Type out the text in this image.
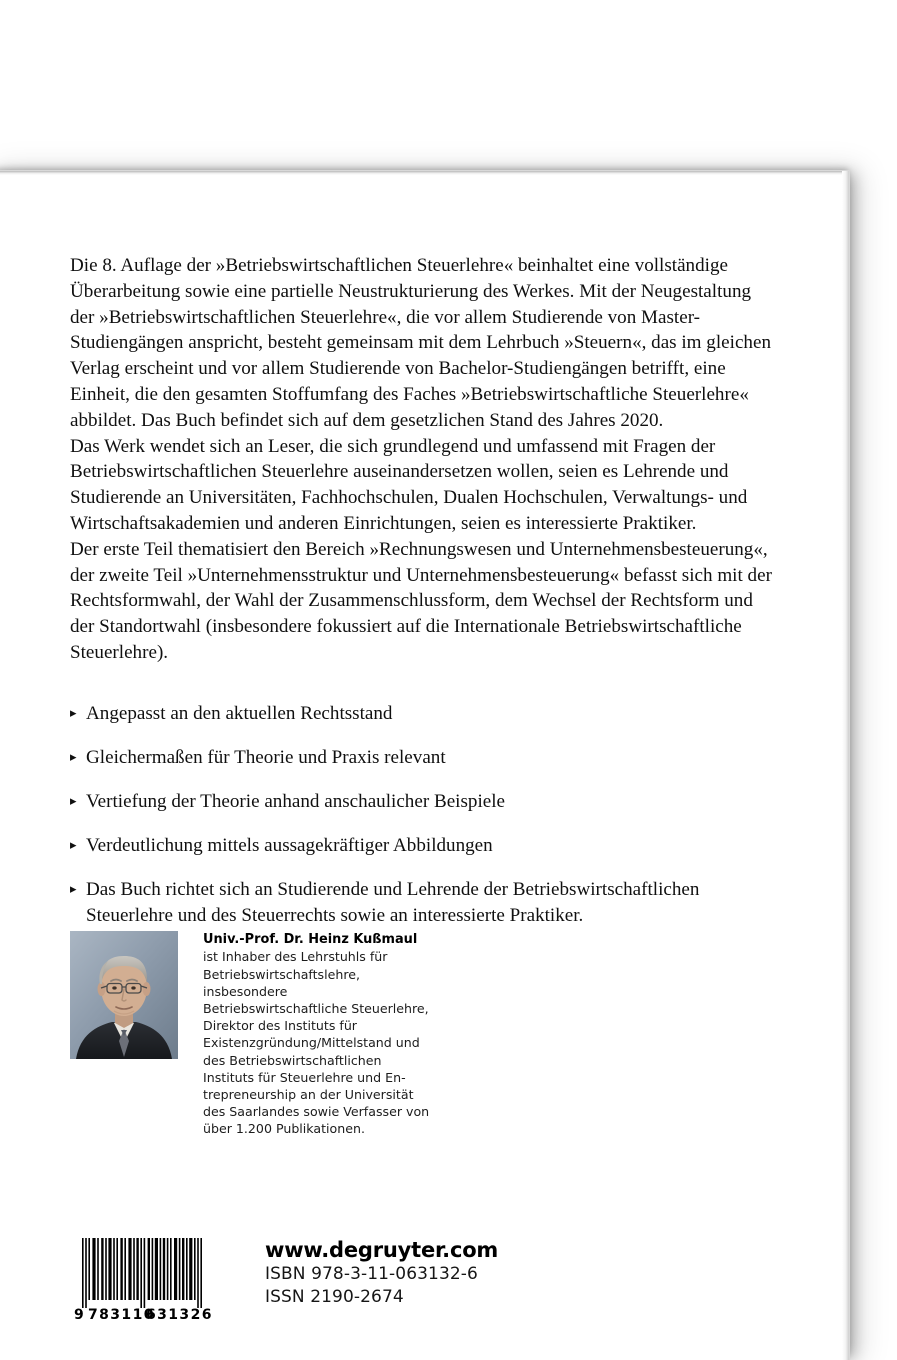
Die 8. Auflage der »Betriebswirtschaftlichen Steuerlehre« beinhaltet eine vollständige Überarbeitung sowie eine partielle Neustrukturierung des Werkes. Mit der Neugestaltung der »Betriebswirtschaftlichen Steuerlehre«, die vor allem Studierende von Master-Studiengängen anspricht, besteht gemeinsam mit dem Lehrbuch »Steuern«, das im gleichen Verlag erscheint und vor allem Studierende von Bachelor-Studiengängen betrifft, eine Einheit, die den gesamten Stoffumfang des Faches »Betriebswirtschaftliche Steuerlehre« abbildet. Das Buch befindet sich auf dem gesetzlichen Stand des Jahres 2020.

Das Werk wendet sich an Leser, die sich grundlegend und umfassend mit Fragen der Betriebswirtschaftlichen Steuerlehre auseinandersetzen wollen, seien es Lehrende und Studierende an Universitäten, Fachhochschulen, Dualen Hochschulen, Verwaltungs- und Wirtschaftsakademien und anderen Einrichtungen, seien es interessierte Praktiker.

Der erste Teil thematisiert den Bereich »Rechnungswesen und Unternehmensbesteuerung«, der zweite Teil »Unternehmensstruktur und Unternehmensbesteuerung« befasst sich mit der Rechtsformwahl, der Wahl der Zusammenschlussform, dem Wechsel der Rechtsform und der Standortwahl (insbesondere fokussiert auf die Internationale Betriebswirtschaftliche Steuerlehre).

▸ Angepasst an den aktuellen Rechtsstand
▸ Gleichermaßen für Theorie und Praxis relevant
▸ Vertiefung der Theorie anhand anschaulicher Beispiele
▸ Verdeutlichung mittels aussagekräftiger Abbildungen
▸ Das Buch richtet sich an Studierende und Lehrende der Betriebswirtschaftlichen Steuerlehre und des Steuerrechts sowie an interessierte Praktiker.
Univ.-Prof. Dr. Heinz Kußmaul
ist Inhaber des Lehrstuhls für Betriebswirtschaftslehre, insbesondere Betriebswirtschaftliche Steuerlehre, Direktor des Instituts für Existenzgründung/Mittelstand und des Betriebswirtschaftlichen Instituts für Steuerlehre und En-trepreneurship an der Universität des Saarlandes sowie Verfasser von über 1.200 Publikationen.
9 783110
631326
www.degruyter.com
ISBN 978-3-11-063132-6
ISSN 2190-2674
